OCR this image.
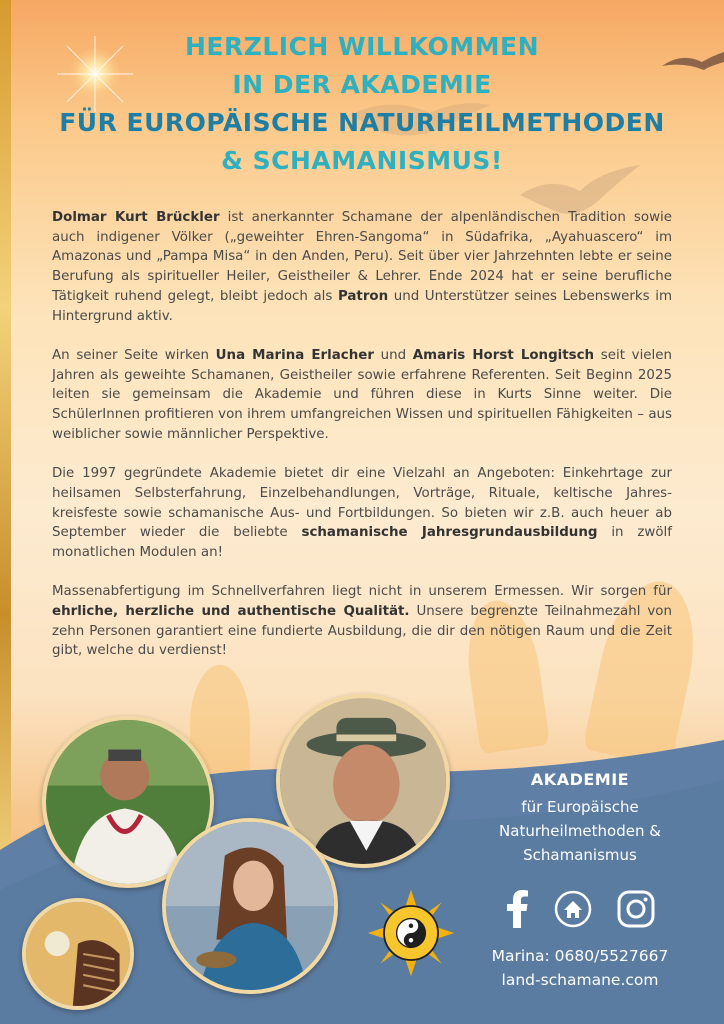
HERZLICH WILLKOMMEN
IN DER AKADEMIE
FÜR EUROPÄISCHE NATURHEILMETHODEN
& SCHAMANISMUS!

Dolmar Kurt Brückler ist anerkannter Schamane der alpenländischen Tradition sowie auch indigener Völker („geweihter Ehren-Sangoma“ in Südafrika, „Ayahuascero“ im Amazonas und „Pampa Misa“ in den Anden, Peru). Seit über vier Jahrzehnten lebte er seine Berufung als spiritueller Heiler, Geistheiler & Lehrer. Ende 2024 hat er seine berufliche Tätigkeit ruhend gelegt, bleibt jedoch als Patron und Unterstützer seines Lebenswerks im Hintergrund aktiv.

An seiner Seite wirken Una Marina Erlacher und Amaris Horst Longitsch seit vielen Jahren als geweihte Schamanen, Geistheiler sowie erfahrene Referenten. Seit Beginn 2025 leiten sie gemeinsam die Akademie und führen diese in Kurts Sinne weiter. Die SchülerInnen profitieren von ihrem umfangreichen Wissen und spirituellen Fähigkeiten – aus weiblicher sowie männlicher Perspektive.

Die 1997 gegründete Akademie bietet dir eine Vielzahl an Angeboten: Einkehrtage zur heilsamen Selbsterfahrung, Einzelbehandlungen, Vorträge, Rituale, keltische Jahres-kreisfeste sowie schamanische Aus- und Fortbildungen. So bieten wir z.B. auch heuer ab September wieder die beliebte schamanische Jahresgrundausbildung in zwölf monatlichen Modulen an!

Massenabfertigung im Schnellverfahren liegt nicht in unserem Ermessen. Wir sorgen für ehrliche, herzliche und authentische Qualität. Unsere begrenzte Teilnahmezahl von zehn Personen garantiert eine fundierte Ausbildung, die dir den nötigen Raum und die Zeit gibt, welche du verdienst!

AKADEMIE
für Europäische
Naturheilmethoden &
Schamanismus
Marina: 0680/5527667
land-schamane.com
